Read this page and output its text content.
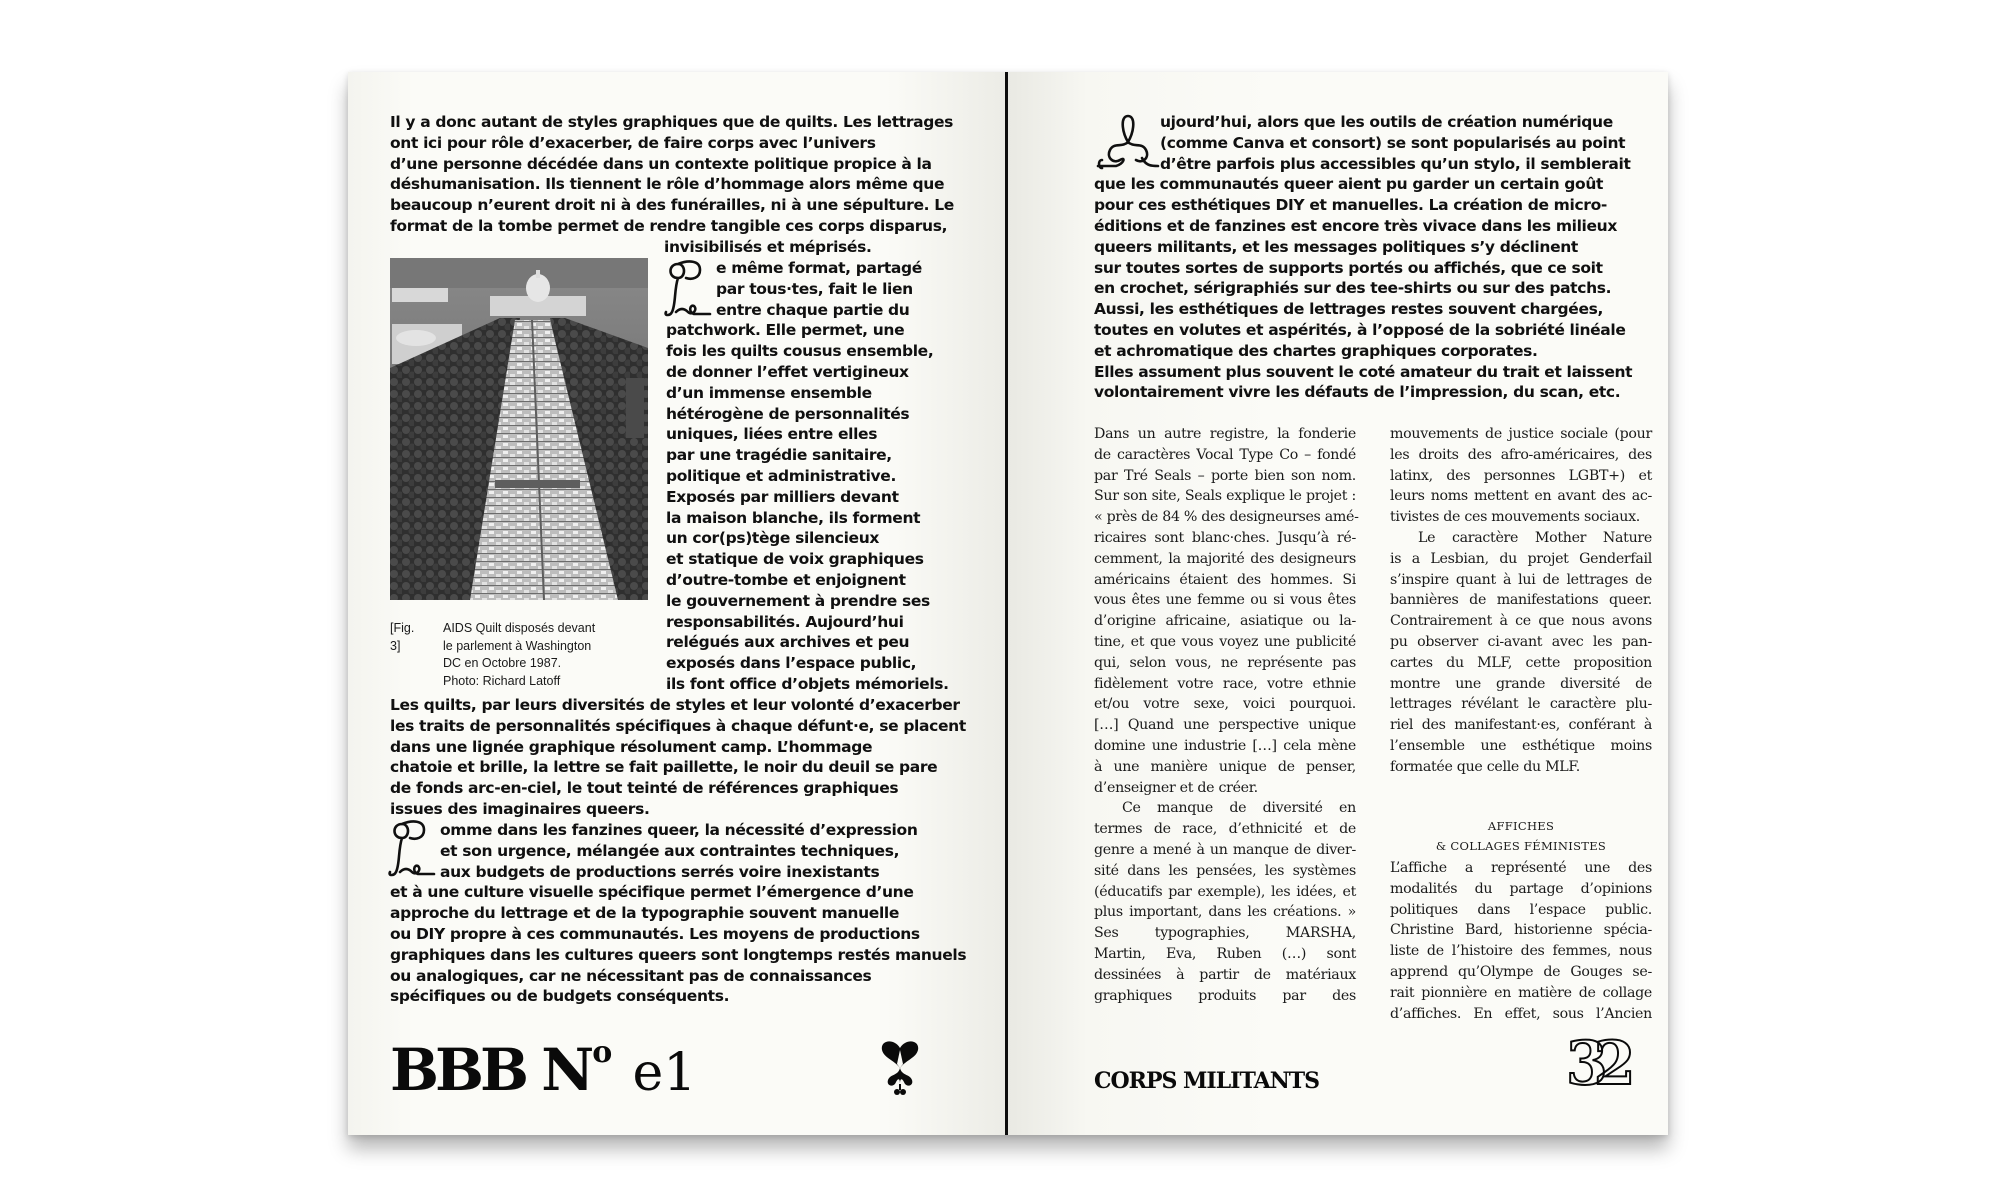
Il y a donc autant de styles graphiques que de quilts. Les lettrages
ont ici pour rôle d’exacerber, de faire corps avec l’univers
d’une personne décédée dans un contexte politique propice à la
déshumanisation. Ils tiennent le rôle d’hommage alors même que
beaucoup n’eurent droit ni à des funérailles, ni à une sépulture. Le
format de la tombe permet de rendre tangible ces corps disparus,
invisibilisés et méprisés.
[Fig. 3]
AIDS Quilt disposés devant
le parlement à Washington
DC en Octobre 1987.
Photo: Richard Latoff
e même format, partagé
par tous·tes, fait le lien
entre chaque partie du
patchwork. Elle permet, une
fois les quilts cousus ensemble,
de donner l’effet vertigineux
d’un immense ensemble
hétérogène de personnalités
uniques, liées entre elles
par une tragédie sanitaire,
politique et administrative.
Exposés par milliers devant
la maison blanche, ils forment
un cor(ps)tège silencieux
et statique de voix graphiques
d’outre-tombe et enjoignent
le gouvernement à prendre ses
responsabilités. Aujourd’hui
relégués aux archives et peu
exposés dans l’espace public,
ils font office d’objets mémoriels.
Les quilts, par leurs diversités de styles et leur volonté d’exacerber
les traits de personnalités spécifiques à chaque défunt·e, se placent
dans une lignée graphique résolument camp. L’hommage
chatoie et brille, la lettre se fait paillette, le noir du deuil se pare
de fonds arc-en-ciel, le tout teinté de références graphiques
issues des imaginaires queers.
omme dans les fanzines queer, la nécessité d’expression
et son urgence, mélangée aux contraintes techniques,
aux budgets de productions serrés voire inexistants
et à une culture visuelle spécifique permet l’émergence d’une
approche du lettrage et de la typographie souvent manuelle
ou DIY propre à ces communautés. Les moyens de productions
graphiques dans les cultures queers sont longtemps restés manuels
ou analogiques, car ne nécessitant pas de connaissances
spécifiques ou de budgets conséquents.
BBB $N^o$ e1
ujourd’hui, alors que les outils de création numérique
(comme Canva et consort) se sont popularisés au point
d’être parfois plus accessibles qu’un stylo, il semblerait
que les communautés queer aient pu garder un certain goût
pour ces esthétiques DIY et manuelles. La création de micro-
éditions et de fanzines est encore très vivace dans les milieux
queers militants, et les messages politiques s’y déclinent
sur toutes sortes de supports portés ou affichés, que ce soit
en crochet, sérigraphiés sur des tee-shirts ou sur des patchs.
Aussi, les esthétiques de lettrages restes souvent chargées,
toutes en volutes et aspérités, à l’opposé de la sobriété linéale
et achromatique des chartes graphiques corporates.
Elles assument plus souvent le coté amateur du trait et laissent
volontairement vivre les défauts de l’impression, du scan, etc.
Dans un autre registre, la fonderie
de caractères Vocal Type Co – fondé
par Tré Seals – porte bien son nom.
Sur son site, Seals explique le projet :
« près de 84 % des designeurses amé-
ricaires sont blanc·ches. Jusqu’à ré-
cemment, la majorité des designeurs
américains étaient des hommes. Si
vous êtes une femme ou si vous êtes
d’origine africaine, asiatique ou la-
tine, et que vous voyez une publicité
qui, selon vous, ne représente pas
fidèlement votre race, votre ethnie
et/ou votre sexe, voici pourquoi.
[…] Quand une perspective unique
domine une industrie […] cela mène
à une manière unique de penser,
d’enseigner et de créer.
Ce manque de diversité en
termes de race, d’ethnicité et de
genre a mené à un manque de diver-
sité dans les pensées, les systèmes
(éducatifs par exemple), les idées, et
plus important, dans les créations. »
Ses typographies, MARSHA,
Martin, Eva, Ruben (…) sont
dessinées à partir de matériaux
graphiques produits par des
mouvements de justice sociale (pour
les droits des afro-américaires, des
latinx, des personnes LGBT+) et
leurs noms mettent en avant des ac-
tivistes de ces mouvements sociaux.
Le caractère Mother Nature
is a Lesbian, du projet Genderfail
s’inspire quant à lui de lettrages de
bannières de manifestations queer.
Contrairement à ce que nous avons
pu observer ci-avant avec les pan-
cartes du MLF, cette proposition
montre une grande diversité de
lettrages révélant le caractère plu-
riel des manifestant·es, conférant à
l’ensemble une esthétique moins
formatée que celle du MLF.
AFFICHES
& COLLAGES FÉMINISTES
L’affiche a représenté une des
modalités du partage d’opinions
politiques dans l’espace public.
Christine Bard, historienne spécia-
liste de l’histoire des femmes, nous
apprend qu’Olympe de Gouges se-
rait pionnière en matière de collage
d’affiches. En effet, sous l’Ancien
CORPS MILITANTS	32
